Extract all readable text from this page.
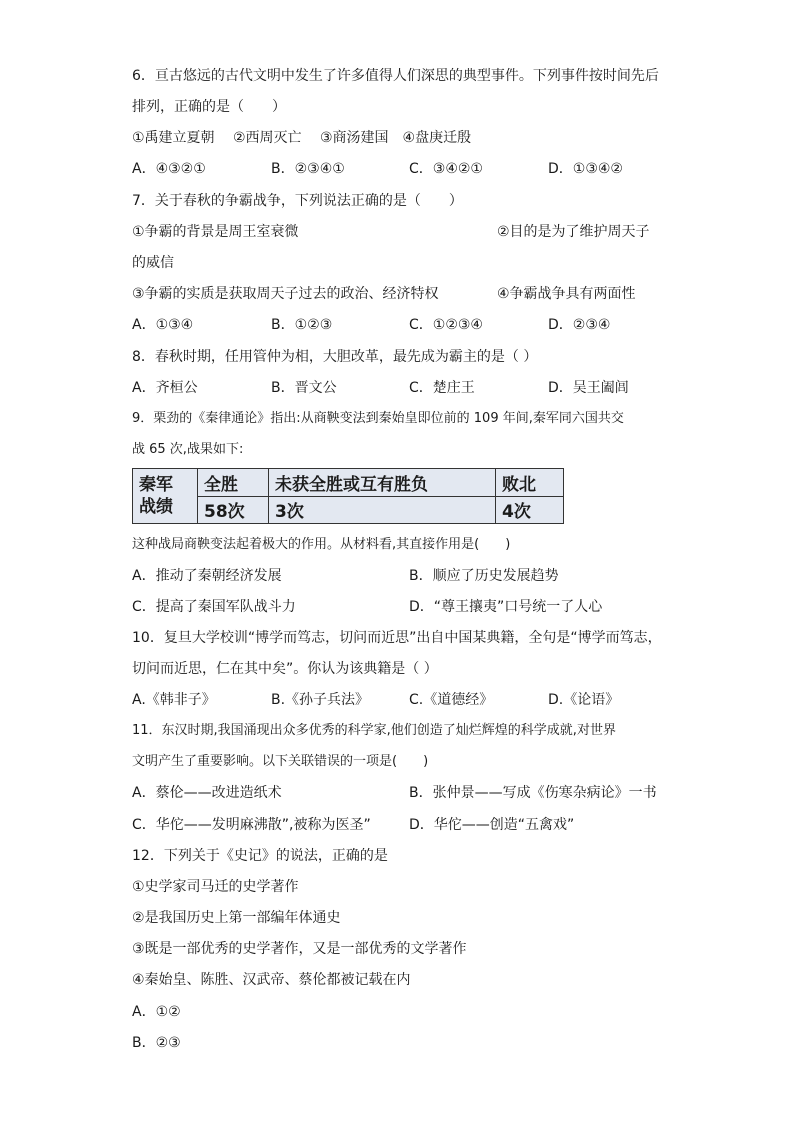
6．亘古悠远的古代文明中发生了许多值得人们深思的典型事件。下列事件按时间先后
排列，正确的是（　　）
①禹建立夏朝　 ②西周灭亡　 ③商汤建国　④盘庚迁殷
A．④③②①	B．②③④①	C．③④②①	D．①③④②
7．关于春秋的争霸战争，下列说法正确的是（　　）
①争霸的背景是周王室衰微	②目的是为了维护周天子
的威信
③争霸的实质是获取周天子过去的政治、经济特权	④争霸战争具有两面性
A．①③④	B．①②③	C．①②③④	D．②③④
8．春秋时期，任用管仲为相，大胆改革，最先成为霸主的是（ ）
A．齐桓公	B．晋文公	C．楚庄王	D．吴王阖闾
9．栗劲的《秦律通论》指出:从商鞅变法到秦始皇即位前的 109 年间,秦军同六国共交
战 65 次,战果如下:
秦军
战绩	全胜	未获全胜或互有胜负	败北
	58次	3次	4次
这种战局商鞅变法起着极大的作用。从材料看,其直接作用是(　　)
A．推动了秦朝经济发展	B．顺应了历史发展趋势
C．提高了秦国军队战斗力	D．“尊王攘夷”口号统一了人心
10．复旦大学校训“博学而笃志，切问而近思”出自中国某典籍，全句是“博学而笃志，
切问而近思，仁在其中矣”。你认为该典籍是（ ）
A.《韩非子》	B.《孙子兵法》	C.《道德经》	D.《论语》
11．东汉时期,我国涌现出众多优秀的科学家,他们创造了灿烂辉煌的科学成就,对世界
文明产生了重要影响。以下关联错误的一项是(　　)
A．蔡伦——改进造纸术	B．张仲景——写成《伤寒杂病论》一书
C．华佗——发明麻沸散”,被称为医圣”	D．华佗——创造“五禽戏”
12．下列关于《史记》的说法，正确的是
①史学家司马迁的史学著作
②是我国历史上第一部编年体通史
③既是一部优秀的史学著作，又是一部优秀的文学著作
④秦始皇、陈胜、汉武帝、蔡伦都被记载在内
A．①②
B．②③
